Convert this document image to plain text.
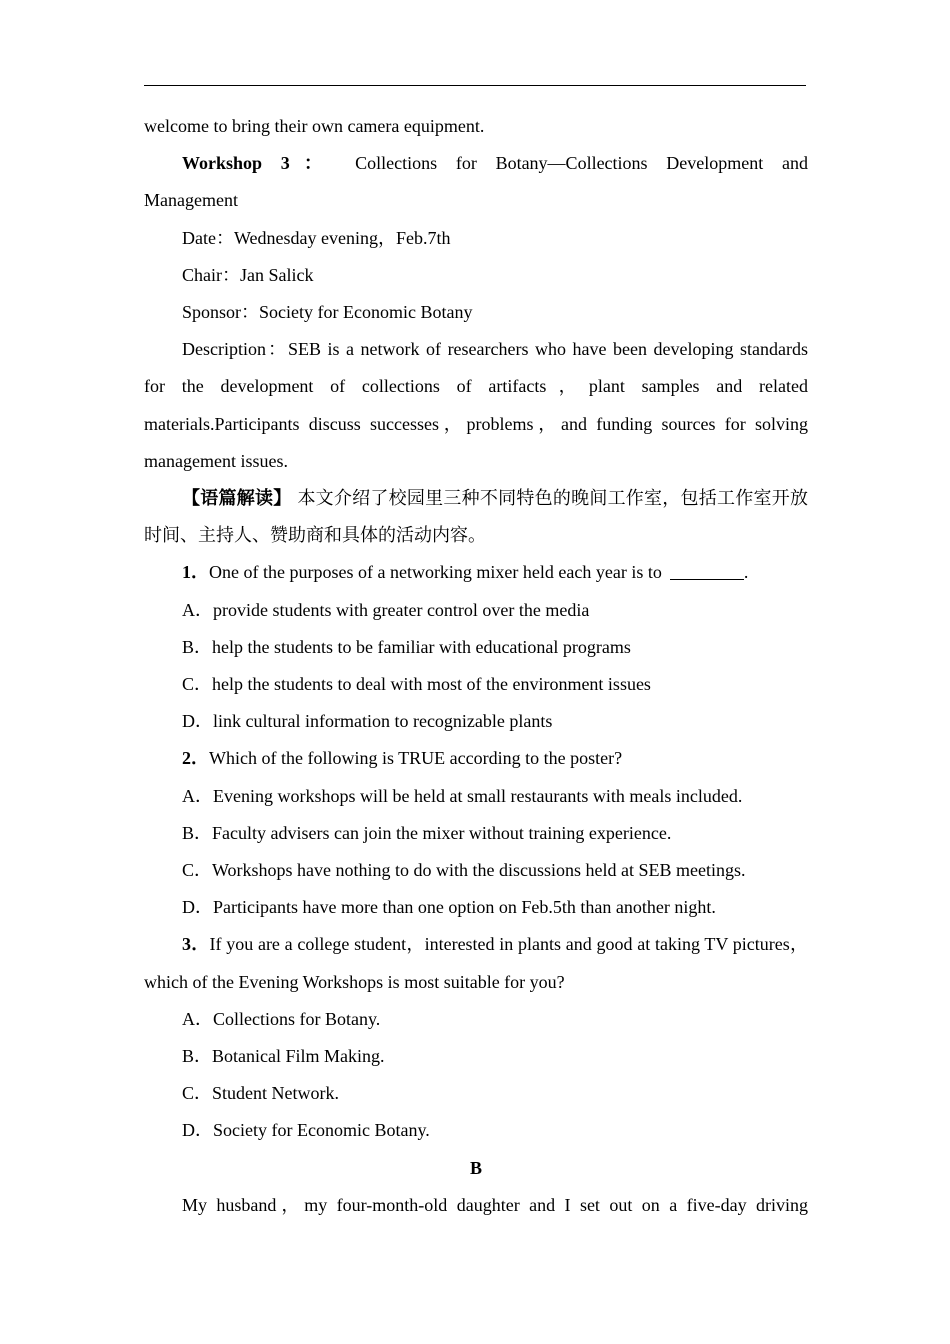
welcome to bring their own camera equipment.

Workshop 3： Collections for Botany—Collections Development and

Management

Date：Wednesday evening，Feb.7th

Chair：Jan Salick

Sponsor：Society for Economic Botany

Description：SEB is a network of researchers who have been developing standards for the development of collections of artifacts，plant samples and related materials.Participants discuss successes，problems，and funding sources for solving management issues.

【语篇解读】 本文介绍了校园里三种不同特色的晚间工作室，包括工作室开放时间、主持人、赞助商和具体的活动内容。

1．One of the purposes of a networking mixer held each year is to	.

A．provide students with greater control over the media

B．help the students to be familiar with educational programs

C．help the students to deal with most of the environment issues

D．link cultural information to recognizable plants

2．Which of the following is TRUE according to the poster?

A．Evening workshops will be held at small restaurants with meals included.

B．Faculty advisers can join the mixer without training experience.

C．Workshops have nothing to do with the discussions held at SEB meetings.

D．Participants have more than one option on Feb.5th than another night.

3．If you are a college student，interested in plants and good at taking TV pictures，which of the Evening Workshops is most suitable for you?

A．Collections for Botany.

B．Botanical Film Making.

C．Student Network.

D．Society for Economic Botany.

B

My husband，my four-month-old daughter and I set out on a five-day driving
